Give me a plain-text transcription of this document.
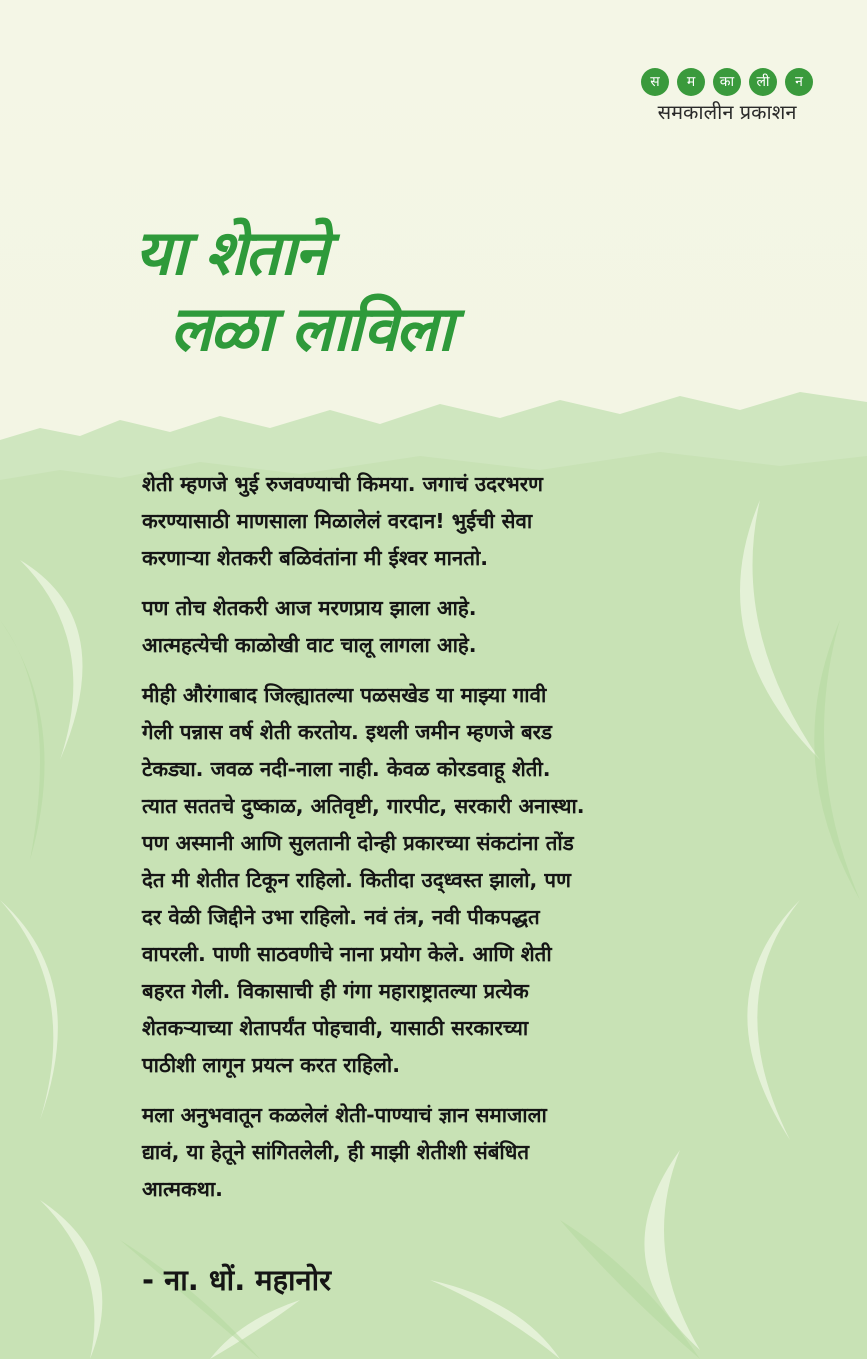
स	म	का	ली	न
समकालीन प्रकाशन
या शेताने
लळा लाविला

शेती म्हणजे भुई रुजवण्याची किमया. जगाचं उदरभरण
करण्यासाठी माणसाला मिळालेलं वरदान! भुईची सेवा
करणाऱ्या शेतकरी बळिवंतांना मी ईश्वर मानतो.

पण तोच शेतकरी आज मरणप्राय झाला आहे.
आत्महत्येची काळोखी वाट चालू लागला आहे.

मीही औरंगाबाद जिल्ह्यातल्या पळसखेड या माझ्या गावी
गेली पन्नास वर्ष शेती करतोय. इथली जमीन म्हणजे बरड
टेकड्या. जवळ नदी-नाला नाही. केवळ कोरडवाहू शेती.
त्यात सततचे दुष्काळ, अतिवृष्टी, गारपीट, सरकारी अनास्था.
पण अस्मानी आणि सुलतानी दोन्ही प्रकारच्या संकटांना तोंड
देत मी शेतीत टिकून राहिलो. कितीदा उद्ध्वस्त झालो, पण
दर वेळी जिद्दीने उभा राहिलो. नवं तंत्र, नवी पीकपद्धत
वापरली. पाणी साठवणीचे नाना प्रयोग केले. आणि शेती
बहरत गेली. विकासाची ही गंगा महाराष्ट्रातल्या प्रत्येक
शेतकऱ्याच्या शेतापर्यंत पोहचावी, यासाठी सरकारच्या
पाठीशी लागून प्रयत्न करत राहिलो.

मला अनुभवातून कळलेलं शेती-पाण्याचं ज्ञान समाजाला
द्यावं, या हेतूने सांगितलेली, ही माझी शेतीशी संबंधित
आत्मकथा.

- ना. धों. महानोर
